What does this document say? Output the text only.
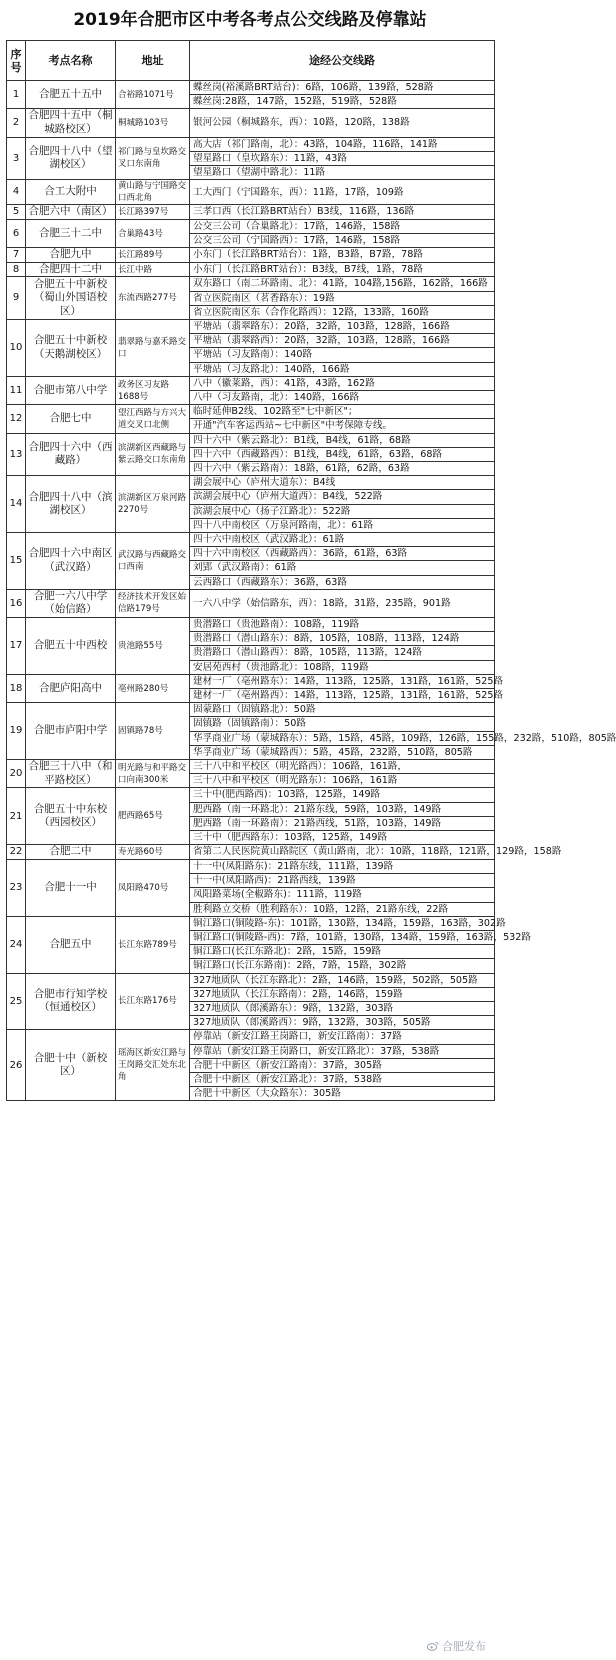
2019年合肥市区中考各考点公交线路及停靠站
序号	考点名称	地址	途经公交线路
1	合肥五十五中	合裕路1071号	蝶丝岗(裕溪路BRT站台)：6路，106路，139路，528路
			蝶丝岗:28路，147路，152路，519路，528路
2	合肥四十五中（桐城路校区）	桐城路103号	银河公园（桐城路东，西）：10路，120路，138路
3	合肥四十八中（望湖校区）	祁门路与皇坎路交叉口东南角	高大店（祁门路南，北）：43路，104路，116路，141路
			望星路口（皇坎路东）：11路，43路
			望星路口（望湖中路北）：11路
4	合工大附中	黄山路与宁国路交口西北角	工大西门（宁国路东，西）：11路，17路，109路
5	合肥六中（南区）	长江路397号	三孝口西（长江路BRT站台）B3线，116路，136路
6	合肥三十二中	合巢路43号	公交三公司（合巢路北）：17路，146路，158路
			公交三公司（宁国路西）：17路，146路，158路
7	合肥九中	长江路89号	小东门（长江路BRT站台）：1路，B3路，B7路，78路
8	合肥四十二中	长江中路	小东门（长江路BRT站台）：B3线，B7线，1路，78路
9	合肥五十中新校（蜀山外国语校区）	东流西路277号	双东路口（南二环路南、北）：41路，104路,156路，162路，166路
			省立医院南区（茗香路东）：19路
			省立医院南区东（合作化路西）：12路，133路，160路
10	合肥五十中新校（天鹅湖校区）	翡翠路与嘉禾路交口	平塘站（翡翠路东）：20路，32路，103路，128路，166路
			平塘站（翡翠路西）：20路，32路，103路，128路，166路
			平塘站（习友路南）：140路
			平塘站（习友路北）：140路，166路
11	合肥市第八中学	政务区习友路1688号	八中（徽莱路，西）：41路，43路，162路
			八中（习友路南，北）：140路，166路
12	合肥七中	望江西路与方兴大道交叉口北侧	临时延伸B2线、102路至"七中新区"；
			开通"汽车客运西站~七中新区"中考保障专线。
13	合肥四十六中（西藏路）	滨湖新区西藏路与紫云路交口东南角	四十六中（紫云路北）：B1线，B4线，61路，68路
			四十六中（西藏路西）：B1线，B4线，61路，63路，68路
			四十六中（紫云路南）：18路，61路，62路，63路
14	合肥四十八中（滨湖校区）	滨湖新区万泉河路2270号	湖会展中心（庐州大道东）：B4线
			滨湖会展中心（庐州大道西）：B4线，522路
			滨湖会展中心（扬子江路北）：522路
			四十八中南校区（万泉河路南，北）：61路
15	合肥四十六中南区（武汉路）	武汉路与西藏路交口西南	四十六中南校区（武汉路北）：61路
			四十六中南校区（西藏路西）：36路，61路，63路
			刘郢（武汉路南）：61路
			云西路口（西藏路东）：36路，63路
16	合肥一六八中学（始信路）	经济技术开发区始信路179号	一六八中学（始信路东，西）：18路，31路，235路，901路
17	合肥五十中西校	贵池路55号	贵潜路口（贵池路南）：108路，119路
			贵潜路口（潜山路东）：8路，105路，108路，113路，124路
			贵潜路口（潜山路西）：8路，105路，113路，124路
			安居苑西村（贵池路北）：108路，119路
18	合肥庐阳高中	亳州路280号	建材一厂（亳州路东）：14路，113路，125路，131路，161路，525路
			建材一厂（亳州路西）：14路，113路，125路，131路，161路，525路
19	合肥市庐阳中学	固镇路78号	固蒙路口（固镇路北）：50路
			固镇路（固镇路南）：50路
			华孚商业广场（蒙城路东）：5路，15路，45路，109路，126路，155路，232路，510路，805路
			华孚商业广场（蒙城路西）：5路，45路，232路，510路，805路
20	合肥三十八中（和平路校区）	明光路与和平路交口向南300米	三十八中和平校区（明光路西）：106路，161路，
			三十八中和平校区（明光路东）：106路，161路
21	合肥五十中东校（西园校区）	肥西路65号	三十中(肥西路西)：103路，125路，149路
			肥西路（南一环路北）：21路东线，59路，103路，149路
			肥西路（南一环路南）：21路西线，51路，103路，149路
			三十中（肥西路东）：103路，125路，149路
22	合肥二中	寿光路60号	省第二人民医院黄山路院区（黄山路南，北）：10路，118路，121路，129路，158路
23	合肥十一中	凤阳路470号	十一中(凤阳路东)：21路东线，111路，139路
			十一中(凤阳路西)：21路西线，139路
			凤阳路菜场(全椒路东)：111路，119路
			胜利路立交桥（胜利路东）：10路，12路，21路东线，22路
24	合肥五中	长江东路789号	铜江路口(铜陵路-东)：101路，130路，134路，159路，163路，302路
			铜江路口(铜陵路-西)：7路，101路，130路，134路，159路，163路，532路
			铜江路口(长江东路北)：2路，15路，159路
			铜江路口(长江东路南)：2路，7路，15路，302路
25	合肥市行知学校（恒通校区）	长江东路176号	327地质队（长江东路北）：2路，146路，159路，502路，505路
			327地质队（长江东路南）：2路，146路，159路
			327地质队（郎溪路东）：9路，132路，303路
			327地质队（郎溪路西）：9路，132路，303路，505路
26	合肥十中（新校区）	瑶海区新安江路与王岗路交汇处东北角	停靠站（新安江路王岗路口，新安江路南）：37路
			停靠站（新安江路王岗路口，新安江路北）：37路，538路
			合肥十中新区（新安江路南）：37路，305路
			合肥十中新区（新安江路北）：37路，538路
			合肥十中新区（大众路东）：305路
合肥发布
